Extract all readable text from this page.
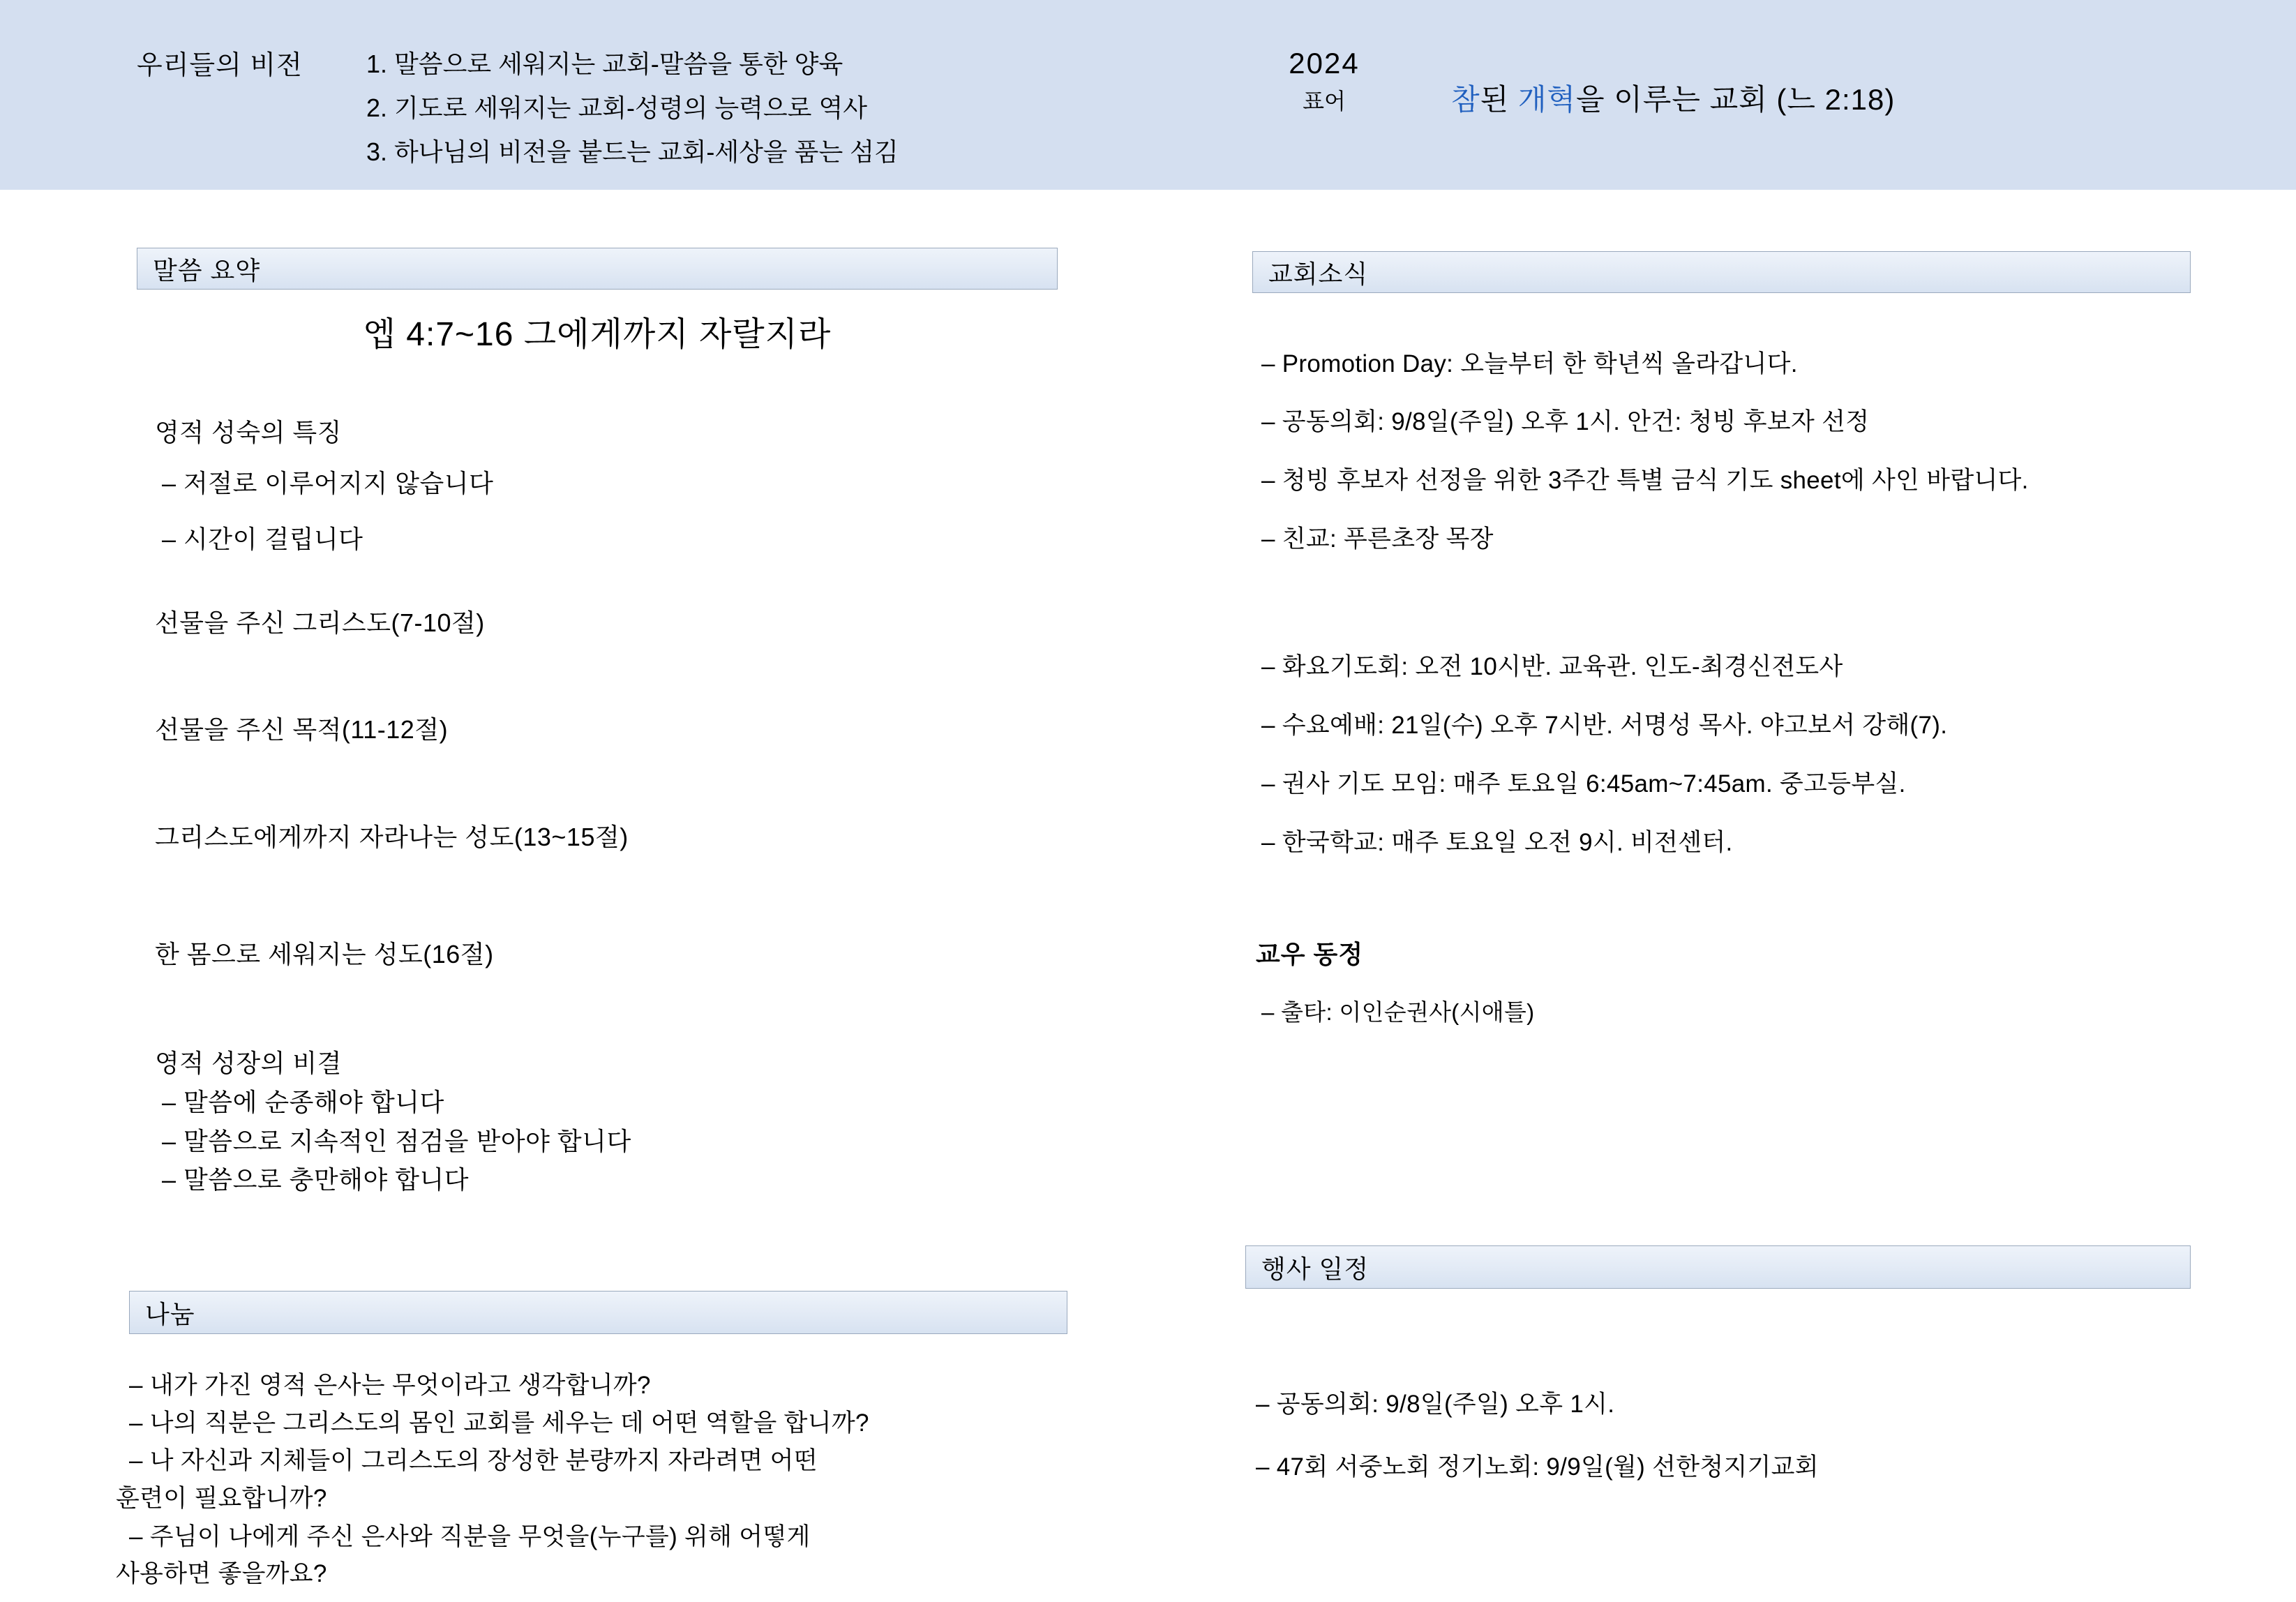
우리들의 비전	1. 말씀으로 세워지는 교회-말씀을 통한 양육
2. 기도로 세워지는 교회-성령의 능력으로 역사
3. 하나님의 비전을 붙드는 교회-세상을 품는 섬김
2024
표어	참된 개혁을 이루는 교회 (느 2:18)
말씀 요약
엡 4:7~16 그에게까지 자랄지라
영적 성숙의 특징
‒ 저절로 이루어지지 않습니다
‒ 시간이 걸립니다
선물을 주신 그리스도(7-10절)
선물을 주신 목적(11-12절)
그리스도에게까지 자라나는 성도(13~15절)
한 몸으로 세워지는 성도(16절)
영적 성장의 비결
‒ 말씀에 순종해야 합니다
‒ 말씀으로 지속적인 점검을 받아야 합니다
‒ 말씀으로 충만해야 합니다
나눔
‒ 내가 가진 영적 은사는 무엇이라고 생각합니까?
‒ 나의 직분은 그리스도의 몸인 교회를 세우는 데 어떤 역할을 합니까?
‒ 나 자신과 지체들이 그리스도의 장성한 분량까지 자라려면 어떤
훈련이 필요합니까?
‒ 주님이 나에게 주신 은사와 직분을 무엇을(누구를) 위해 어떻게
사용하면 좋을까요?
교회소식
‒ Promotion Day: 오늘부터 한 학년씩 올라갑니다.
‒ 공동의회: 9/8일(주일) 오후 1시. 안건: 청빙 후보자 선정
‒ 청빙 후보자 선정을 위한 3주간 특별 금식 기도 sheet에 사인 바랍니다.
‒ 친교: 푸른초장 목장
‒ 화요기도회: 오전 10시반. 교육관. 인도-최경신전도사
‒ 수요예배: 21일(수) 오후 7시반. 서명성 목사. 야고보서 강해(7).
‒ 권사 기도 모임: 매주 토요일 6:45am~7:45am. 중고등부실.
‒ 한국학교: 매주 토요일 오전 9시. 비전센터.
교우 동정
‒ 출타: 이인순권사(시애틀)
행사 일정
‒ 공동의회: 9/8일(주일) 오후 1시.
‒ 47회 서중노회 정기노회: 9/9일(월) 선한청지기교회
